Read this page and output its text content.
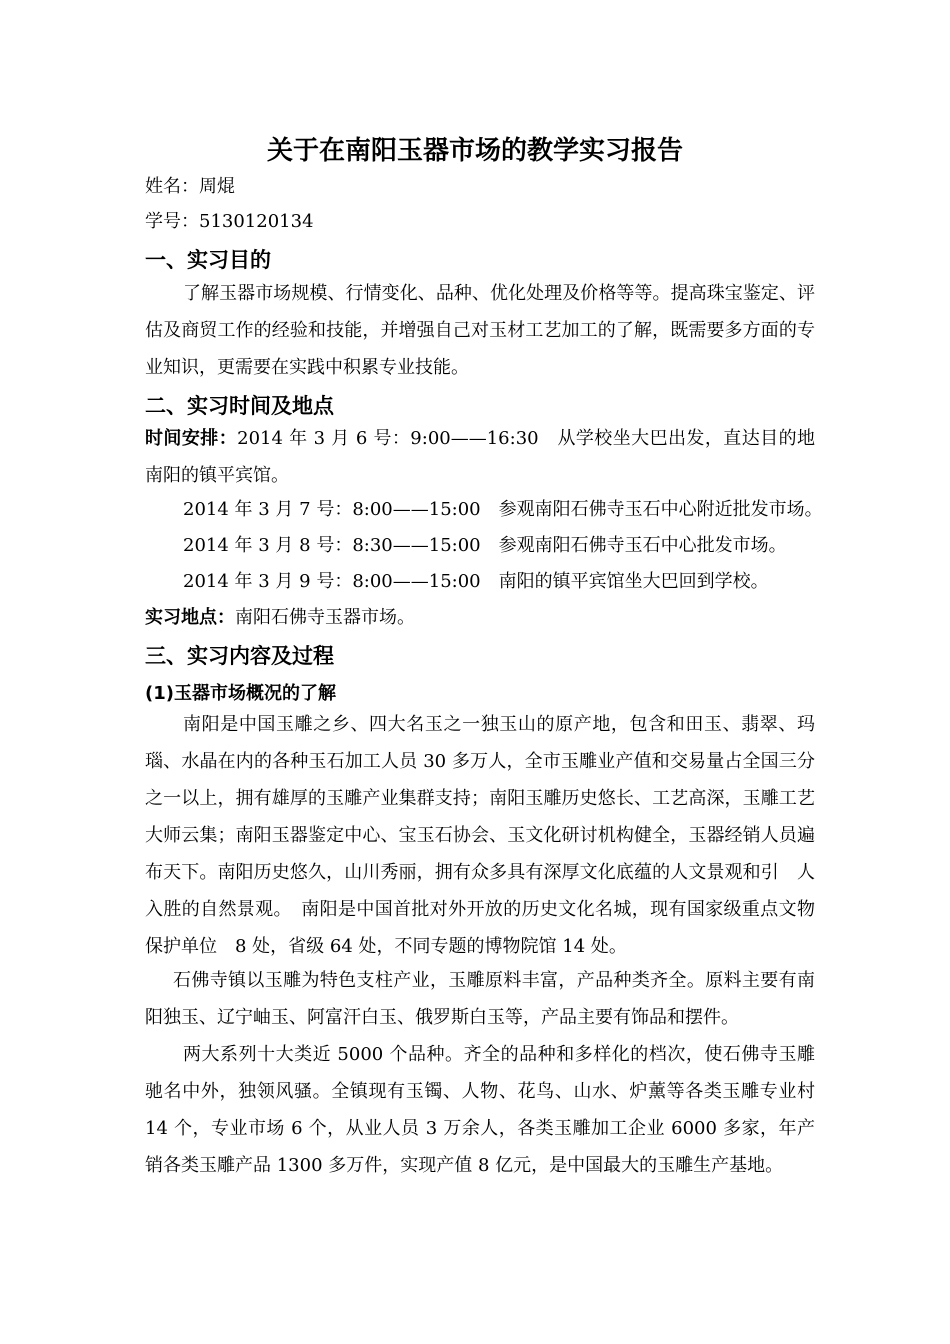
关于在南阳玉器市场的教学实习报告
姓名：周焜
学号：5130120134
一、实习目的
了解玉器市场规模、行情变化、品种、优化处理及价格等等。提高珠宝鉴定、评估及商贸工作的经验和技能，并增强自己对玉材工艺加工的了解，既需要多方面的专业知识，更需要在实践中积累专业技能。
二、实习时间及地点
时间安排：2014 年 3 月 6 号：9:00——16:30　从学校坐大巴出发，直达目的地南阳的镇平宾馆。
2014 年 3 月 7 号：8:00——15:00　参观南阳石佛寺玉石中心附近批发市场。
2014 年 3 月 8 号：8:30——15:00　参观南阳石佛寺玉石中心批发市场。
2014 年 3 月 9 号：8:00——15:00　南阳的镇平宾馆坐大巴回到学校。
实习地点：南阳石佛寺玉器市场。
三、实习内容及过程
(1)玉器市场概况的了解
南阳是中国玉雕之乡、四大名玉之一独玉山的原产地，包含和田玉、翡翠、玛瑙、水晶在内的各种玉石加工人员 30 多万人，全市玉雕业产值和交易量占全国三分之一以上，拥有雄厚的玉雕产业集群支持；南阳玉雕历史悠长、工艺高深，玉雕工艺大师云集；南阳玉器鉴定中心、宝玉石协会、玉文化研讨机构健全，玉器经销人员遍布天下。南阳历史悠久，山川秀丽，拥有众多具有深厚文化底蕴的人文景观和引　人入胜的自然景观。　南阳是中国首批对外开放的历史文化名城，现有国家级重点文物保护单位　8 处，省级 64 处，不同专题的博物院馆 14 处。
石佛寺镇以玉雕为特色支柱产业，玉雕原料丰富，产品种类齐全。原料主要有南阳独玉、辽宁岫玉、阿富汗白玉、俄罗斯白玉等，产品主要有饰品和摆件。
两大系列十大类近 5000 个品种。齐全的品种和多样化的档次，使石佛寺玉雕驰名中外，独领风骚。全镇现有玉镯、人物、花鸟、山水、炉薰等各类玉雕专业村 14 个，专业市场 6 个，从业人员 3 万余人，各类玉雕加工企业 6000 多家，年产销各类玉雕产品 1300 多万件，实现产值 8 亿元，是中国最大的玉雕生产基地。
